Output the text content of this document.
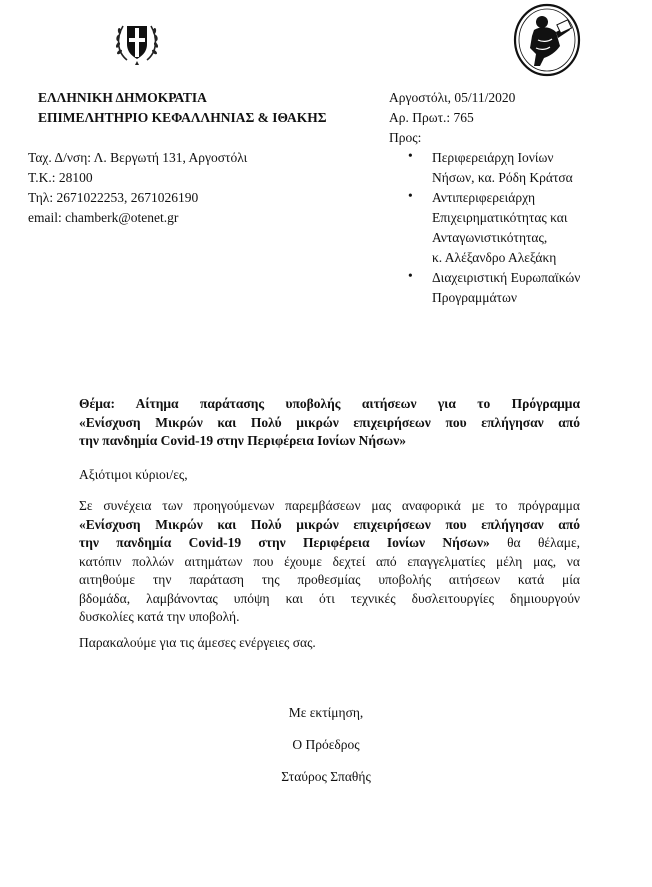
ΕΛΛΗΝΙΚΗ ΔΗΜΟΚΡΑΤΙΑ
ΕΠΙΜΕΛΗΤΗΡΙΟ ΚΕΦΑΛΛΗΝΙΑΣ & ΙΘΑΚΗΣ
Ταχ. Δ/νση: Λ. Βεργωτή 131, Αργοστόλι
Τ.Κ.: 28100
Τηλ: 2671022253, 2671026190
email: chamberk@otenet.gr
Αργοστόλι, 05/11/2020
Αρ. Πρωτ.: 765
Προς:
• Περιφερειάρχη Ιονίων
Νήσων, κα. Ρόδη Κράτσα
• Αντιπεριφερειάρχη
Επιχειρηματικότητας και
Ανταγωνιστικότητας,
κ. Αλέξανδρο Αλεξάκη
• Διαχειριστική Ευρωπαϊκών
Προγραμμάτων
Θέμα: Αίτημα παράτασης υποβολής αιτήσεων για το Πρόγραμμα
«Ενίσχυση Μικρών και Πολύ μικρών επιχειρήσεων που επλήγησαν από
την πανδημία Covid-19 στην Περιφέρεια Ιονίων Νήσων»
Αξιότιμοι κύριοι/ες,
Σε συνέχεια των προηγούμενων παρεμβάσεων μας αναφορικά με το πρόγραμμα
«Ενίσχυση Μικρών και Πολύ μικρών επιχειρήσεων που επλήγησαν από
την πανδημία Covid-19 στην Περιφέρεια Ιονίων Νήσων» θα θέλαμε,
κατόπιν πολλών αιτημάτων που έχουμε δεχτεί από επαγγελματίες μέλη μας, να
αιτηθούμε την παράταση της προθεσμίας υποβολής αιτήσεων κατά μία
βδομάδα, λαμβάνοντας υπόψη και ότι τεχνικές δυσλειτουργίες δημιουργούν
δυσκολίες κατά την υποβολή.
Παρακαλούμε για τις άμεσες ενέργειες σας.
Με εκτίμηση,
Ο Πρόεδρος
Σταύρος Σπαθής
